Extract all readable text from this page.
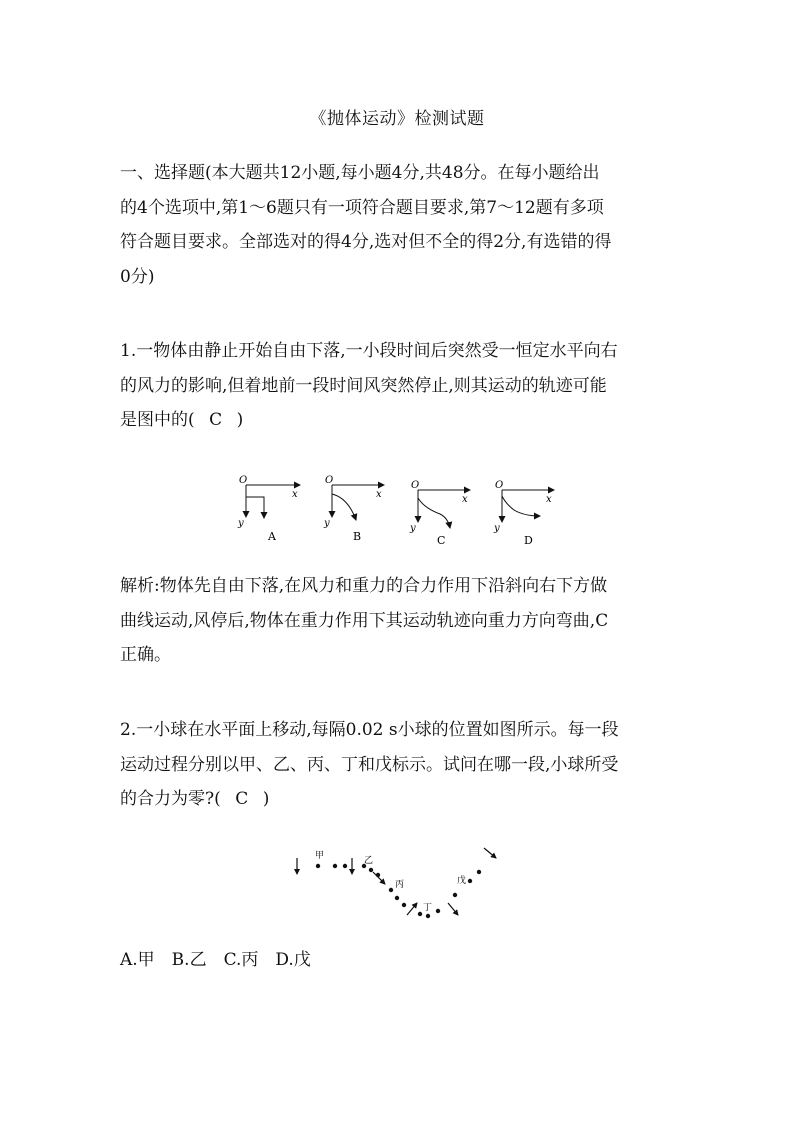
《抛体运动》检测试题
一、选择题(本大题共12小题,每小题4分,共48分。在每小题给出
的4个选项中,第1～6题只有一项符合题目要求,第7～12题有多项
符合题目要求。全部选对的得4分,选对但不全的得2分,有选错的得
0分)
1.一物体由静止开始自由下落,一小段时间后突然受一恒定水平向右
的风力的影响,但着地前一段时间风突然停止,则其运动的轨迹可能
是图中的( C )
O
x
y
A
O
x
y
B
O
x
y
C
O
x
y
D
解析:物体先自由下落,在风力和重力的合力作用下沿斜向右下方做
曲线运动,风停后,物体在重力作用下其运动轨迹向重力方向弯曲,C
正确。
2.一小球在水平面上移动,每隔0.02 s小球的位置如图所示。每一段
运动过程分别以甲、乙、丙、丁和戊标示。试问在哪一段,小球所受
的合力为零?( C )
甲	乙
丙
丁
戊
A.甲　B.乙　C.丙　D.戊
